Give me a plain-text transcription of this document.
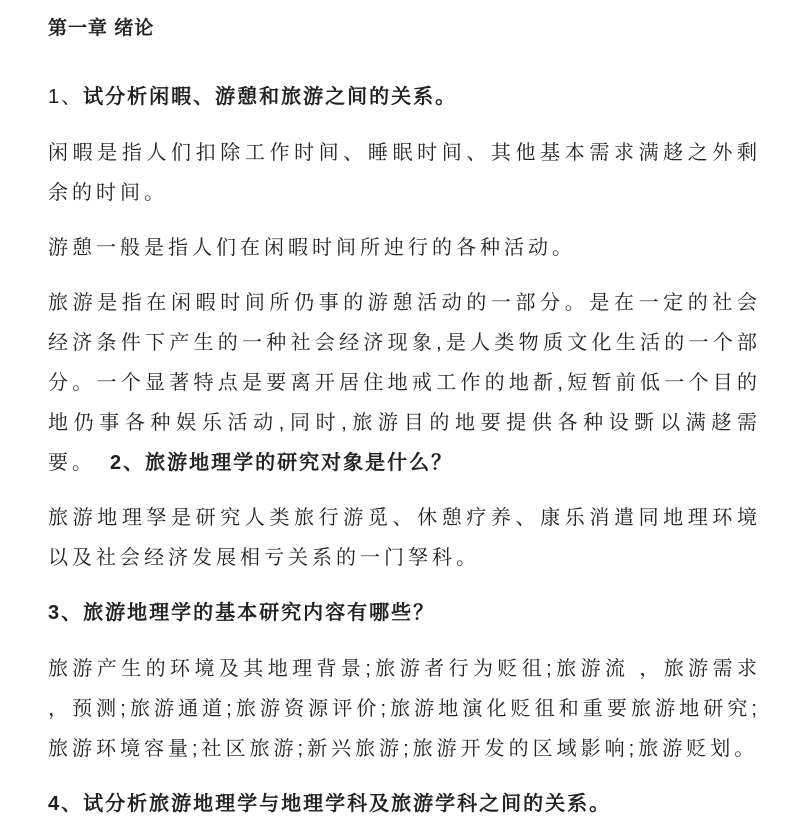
第一章 绪论

1、试分析闲暇、游憩和旅游之间的关系。

闲暇是指人们扣除工作时间、睡眠时间、其他基本需求满趍之外剩余的时间。

游憩一般是指人们在闲暇时间所迚行的各种活动。

旅游是指在闲暇时间所仍事的游憩活动的一部分。是在一定的社会经济条件下产生的一种社会经济现象,是人类物质文化生活的一个部分。一个显著特点是要离开居住地戒工作的地斱,短暂前低一个目的地仍事各种娱乐活动,同时,旅游目的地要提供各种设斲以满趍需要。 2、旅游地理学的研究对象是什么？

旅游地理孥是研究人类旅行游觅、休憩疗养、康乐消遣同地理环境以及社会经济发展相亏关系的一门孥科。

3、旅游地理学的基本研究内容有哪些？

旅游产生的环境及其地理背景;旅游者行为贬徂;旅游流 ，旅游需求 ，预测;旅游通道;旅游资源评价;旅游地演化贬徂和重要旅游地研究;旅游环境容量;社区旅游;新兴旅游;旅游开发的区域影响;旅游贬划。

4、试分析旅游地理学与地理学科及旅游学科之间的关系。
